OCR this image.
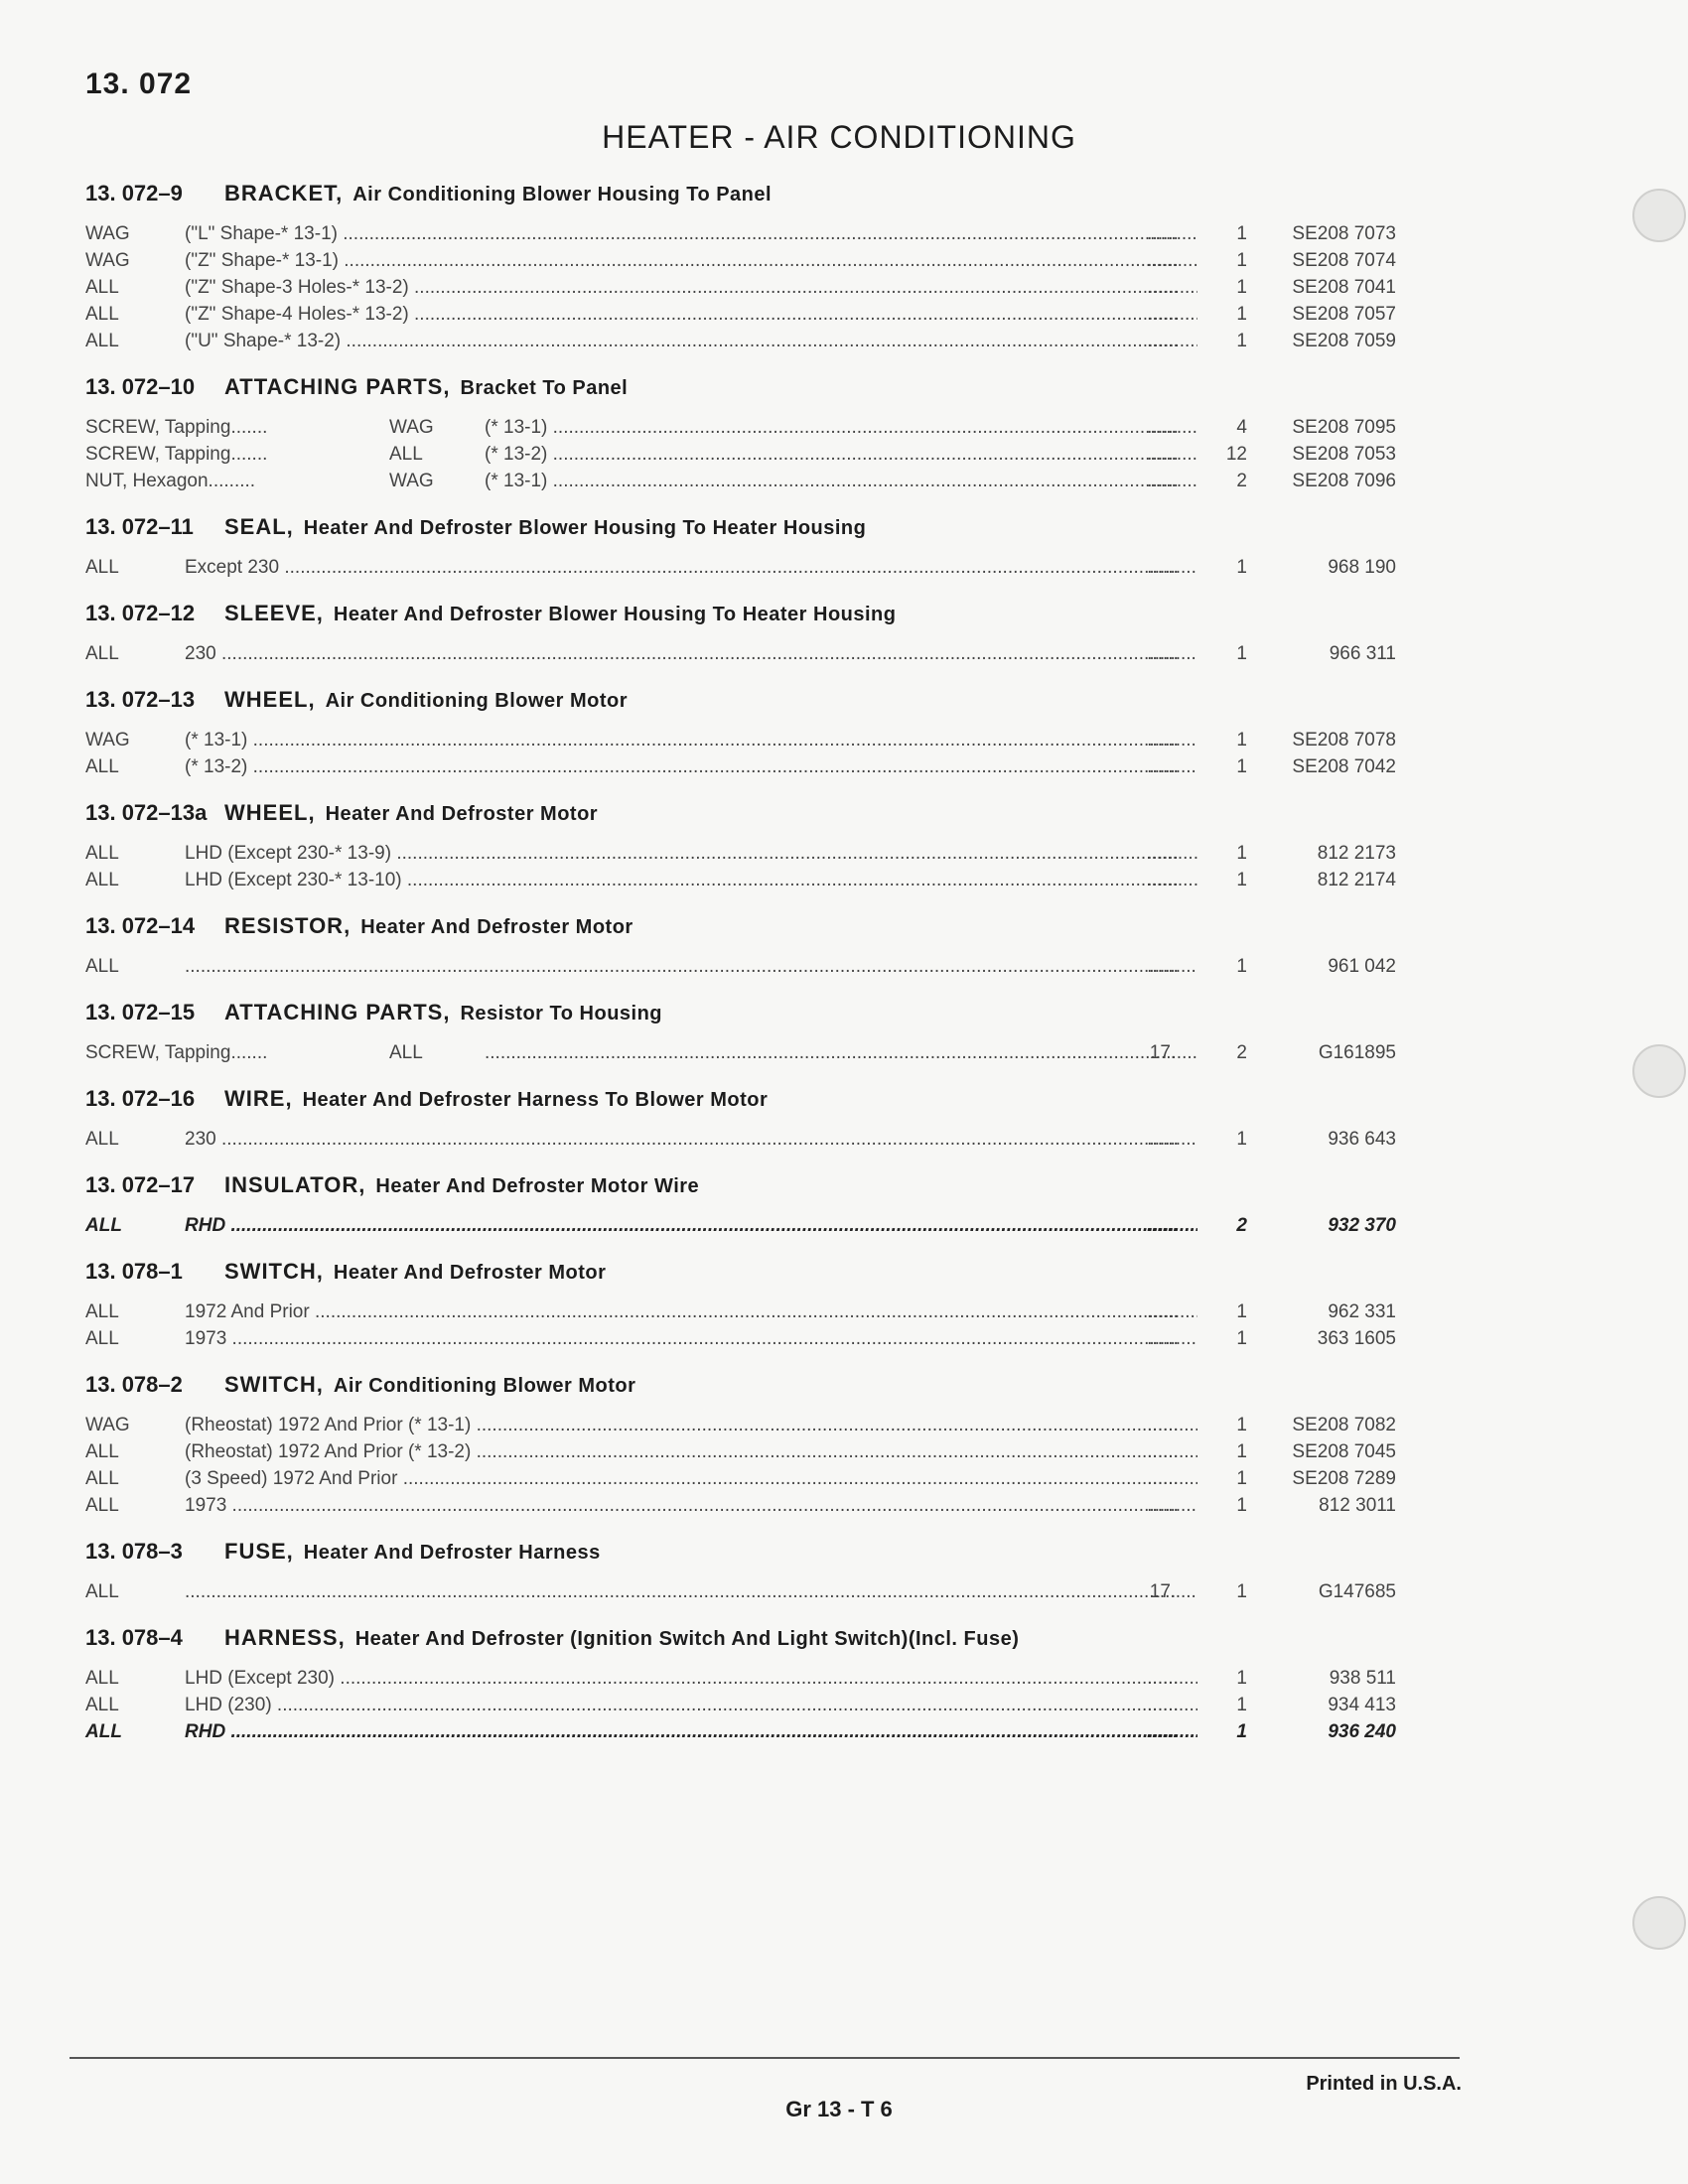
13. 072
HEATER - AIR CONDITIONING
13. 072–9 BRACKET, Air Conditioning Blower Housing To Panel
WAG	("L" Shape-* 13-1) .....	......	1	SE208 7073
WAG	("Z" Shape-* 13-1) .....	......	1	SE208 7074
ALL	("Z" Shape-3 Holes-* 13-2) .....	......	1	SE208 7041
ALL	("Z" Shape-4 Holes-* 13-2) .....	......	1	SE208 7057
ALL	("U" Shape-* 13-2) .....	......	1	SE208 7059
13. 072–10 ATTACHING PARTS, Bracket To Panel
SCREW, Tapping.......	WAG	(* 13-1) .....	......	4	SE208 7095
SCREW, Tapping.......	ALL	(* 13-2) .....	......	12	SE208 7053
NUT, Hexagon.........	WAG	(* 13-1) .....	......	2	SE208 7096
13. 072–11 SEAL, Heater And Defroster Blower Housing To Heater Housing
ALL	Except 230 .....	......	1	968 190
13. 072–12 SLEEVE, Heater And Defroster Blower Housing To Heater Housing
ALL	230 .....	......	1	966 311
13. 072–13 WHEEL, Air Conditioning Blower Motor
WAG	(* 13-1) .....	......	1	SE208 7078
ALL	(* 13-2) .....	......	1	SE208 7042
13. 072–13a WHEEL, Heater And Defroster Motor
ALL	LHD (Except 230-* 13-9) .....	......	1	812 2173
ALL	LHD (Except 230-* 13-10) .....	......	1	812 2174
13. 072–14 RESISTOR, Heater And Defroster Motor
ALL .....	......	1	961 042
13. 072–15 ATTACHING PARTS, Resistor To Housing
SCREW, Tapping.......	ALL .....	17.	2	G161895
13. 072–16 WIRE, Heater And Defroster Harness To Blower Motor
ALL	230 .....	......	1	936 643
13. 072–17 INSULATOR, Heater And Defroster Motor Wire
ALL	RHD .....	......	2	932 370
13. 078–1 SWITCH, Heater And Defroster Motor
ALL	1972 And Prior .....	......	1	962 331
ALL	1973 .....	......	1	363 1605
13. 078–2 SWITCH, Air Conditioning Blower Motor
WAG	(Rheostat) 1972 And Prior (* 13-1) .....	......	1	SE208 7082
ALL	(Rheostat) 1972 And Prior (* 13-2) .....	......	1	SE208 7045
ALL	(3 Speed) 1972 And Prior .....	......	1	SE208 7289
ALL	1973 .....	......	1	812 3011
13. 078–3 FUSE, Heater And Defroster Harness
ALL .....	17.	1	G147685
13. 078–4 HARNESS, Heater And Defroster (Ignition Switch And Light Switch)(Incl. Fuse)
ALL	LHD (Except 230) .....	......	1	938 511
ALL	LHD (230) .....	......	1	934 413
ALL	RHD .....	......	1	936 240
Printed in U.S.A.
Gr 13 - T 6
